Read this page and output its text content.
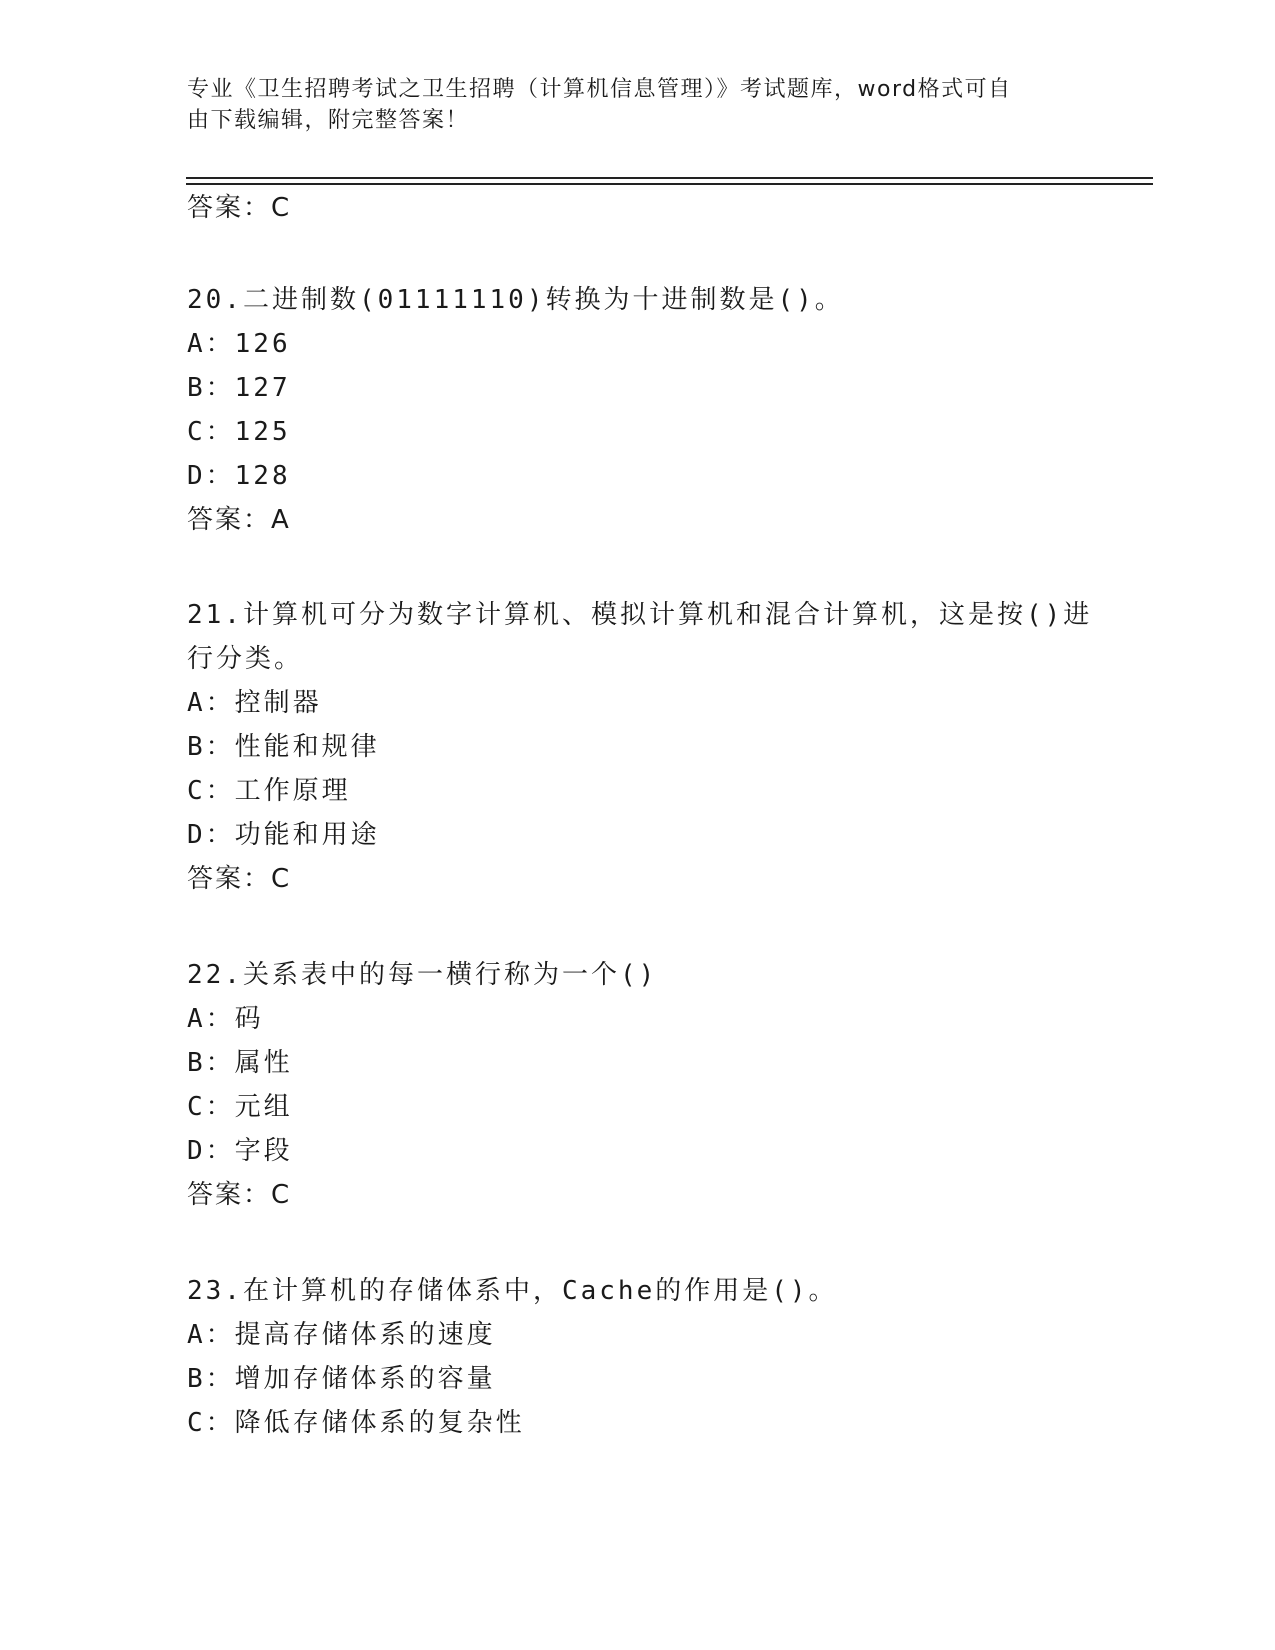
专业《卫生招聘考试之卫生招聘（计算机信息管理）》考试题库，word格式可自
由下载编辑，附完整答案！
答案：C
20.二进制数(01111110)转换为十进制数是()。
A：126
B：127
C：125
D：128
答案：A
21.计算机可分为数字计算机、模拟计算机和混合计算机，这是按()进
行分类。
A：控制器
B：性能和规律
C：工作原理
D：功能和用途
答案：C
22.关系表中的每一横行称为一个()
A：码
B：属性
C：元组
D：字段
答案：C
23.在计算机的存储体系中，Cache的作用是()。
A：提高存储体系的速度
B：增加存储体系的容量
C：降低存储体系的复杂性
